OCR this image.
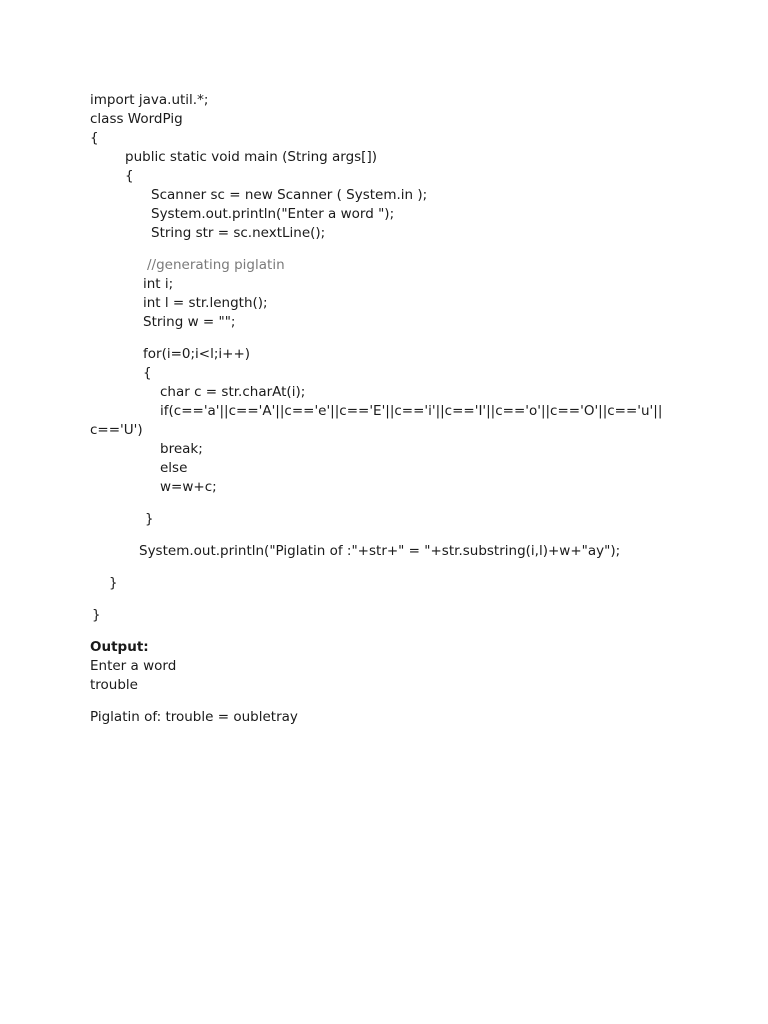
import java.util.*;
class WordPig
{
public static void main (String args[])
{
Scanner sc = new Scanner ( System.in );
System.out.println("Enter a word ");
String str = sc.nextLine();
//generating piglatin
int i;
int l = str.length();
String w = "";
for(i=0;i<l;i++)
{
char c = str.charAt(i);
if(c=='a'||c=='A'||c=='e'||c=='E'||c=='i'||c=='I'||c=='o'||c=='O'||c=='u'||
c=='U')
break;
else
w=w+c;
}
System.out.println("Piglatin of :"+str+" = "+str.substring(i,l)+w+"ay");
}
}
Output:
Enter a word
trouble
Piglatin of: trouble = oubletray
